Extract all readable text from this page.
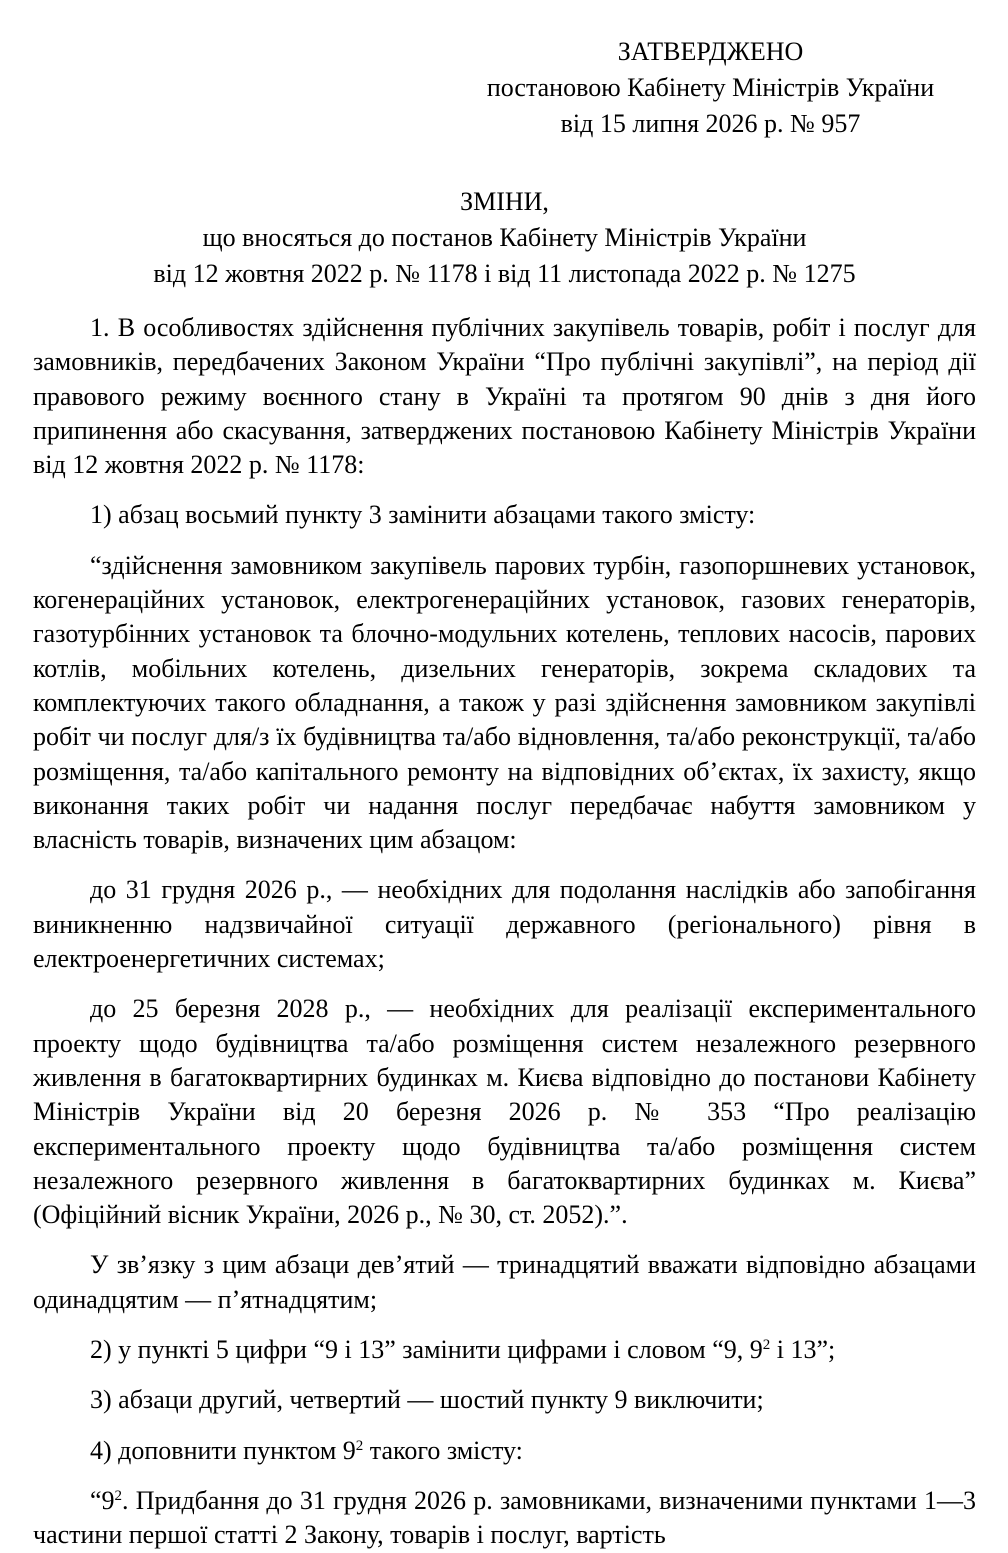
ЗАТВЕРДЖЕНО
постановою Кабінету Міністрів України
від 15 липня 2026 р. № 957
ЗМІНИ,
що вносяться до постанов Кабінету Міністрів України
від 12 жовтня 2022 р. № 1178 і від 11 листопада 2022 р. № 1275

1. В особливостях здійснення публічних закупівель товарів, робіт і послуг для замовників, передбачених Законом України “Про публічні закупівлі”, на період дії правового режиму воєнного стану в Україні та протягом 90 днів з дня його припинення або скасування, затверджених постановою Кабінету Міністрів України від 12 жовтня 2022 р. № 1178:

1) абзац восьмий пункту 3 замінити абзацами такого змісту:

“здійснення замовником закупівель парових турбін, газопоршневих установок, когенераційних установок, електрогенераційних установок, газових генераторів, газотурбінних установок та блочно-модульних котелень, теплових насосів, парових котлів, мобільних котелень, дизельних генераторів, зокрема складових та комплектуючих такого обладнання, а також у разі здійснення замовником закупівлі робіт чи послуг для/з їх будівництва та/або відновлення, та/або реконструкції, та/або розміщення, та/або капітального ремонту на відповідних об’єктах, їх захисту, якщо виконання таких робіт чи надання послуг передбачає набуття замовником у власність товарів, визначених цим абзацом:

до 31 грудня 2026 р., — необхідних для подолання наслідків або запобігання виникненню надзвичайної ситуації державного (регіонального) рівня в електроенергетичних системах;

до 25 березня 2028 р., — необхідних для реалізації експериментального проекту щодо будівництва та/або розміщення систем незалежного резервного живлення в багатоквартирних будинках м. Києва відповідно до постанови Кабінету Міністрів України від 20 березня 2026 р. № 353 “Про реалізацію експериментального проекту щодо будівництва та/або розміщення систем незалежного резервного живлення в багатоквартирних будинках м. Києва” (Офіційний вісник України, 2026 р., № 30, ст. 2052).”.

У зв’язку з цим абзаци дев’ятий — тринадцятий вважати відповідно абзацами одинадцятим — п’ятнадцятим;

2) у пункті 5 цифри “9 і 13” замінити цифрами і словом “9, $9^2$ і 13”;

3) абзаци другий, четвертий — шостий пункту 9 виключити;

4) доповнити пунктом $9^2$ такого змісту:

“$9^2$. Придбання до 31 грудня 2026 р. замовниками, визначеними пунктами 1—3 частини першої статті 2 Закону, товарів і послуг, вартість
